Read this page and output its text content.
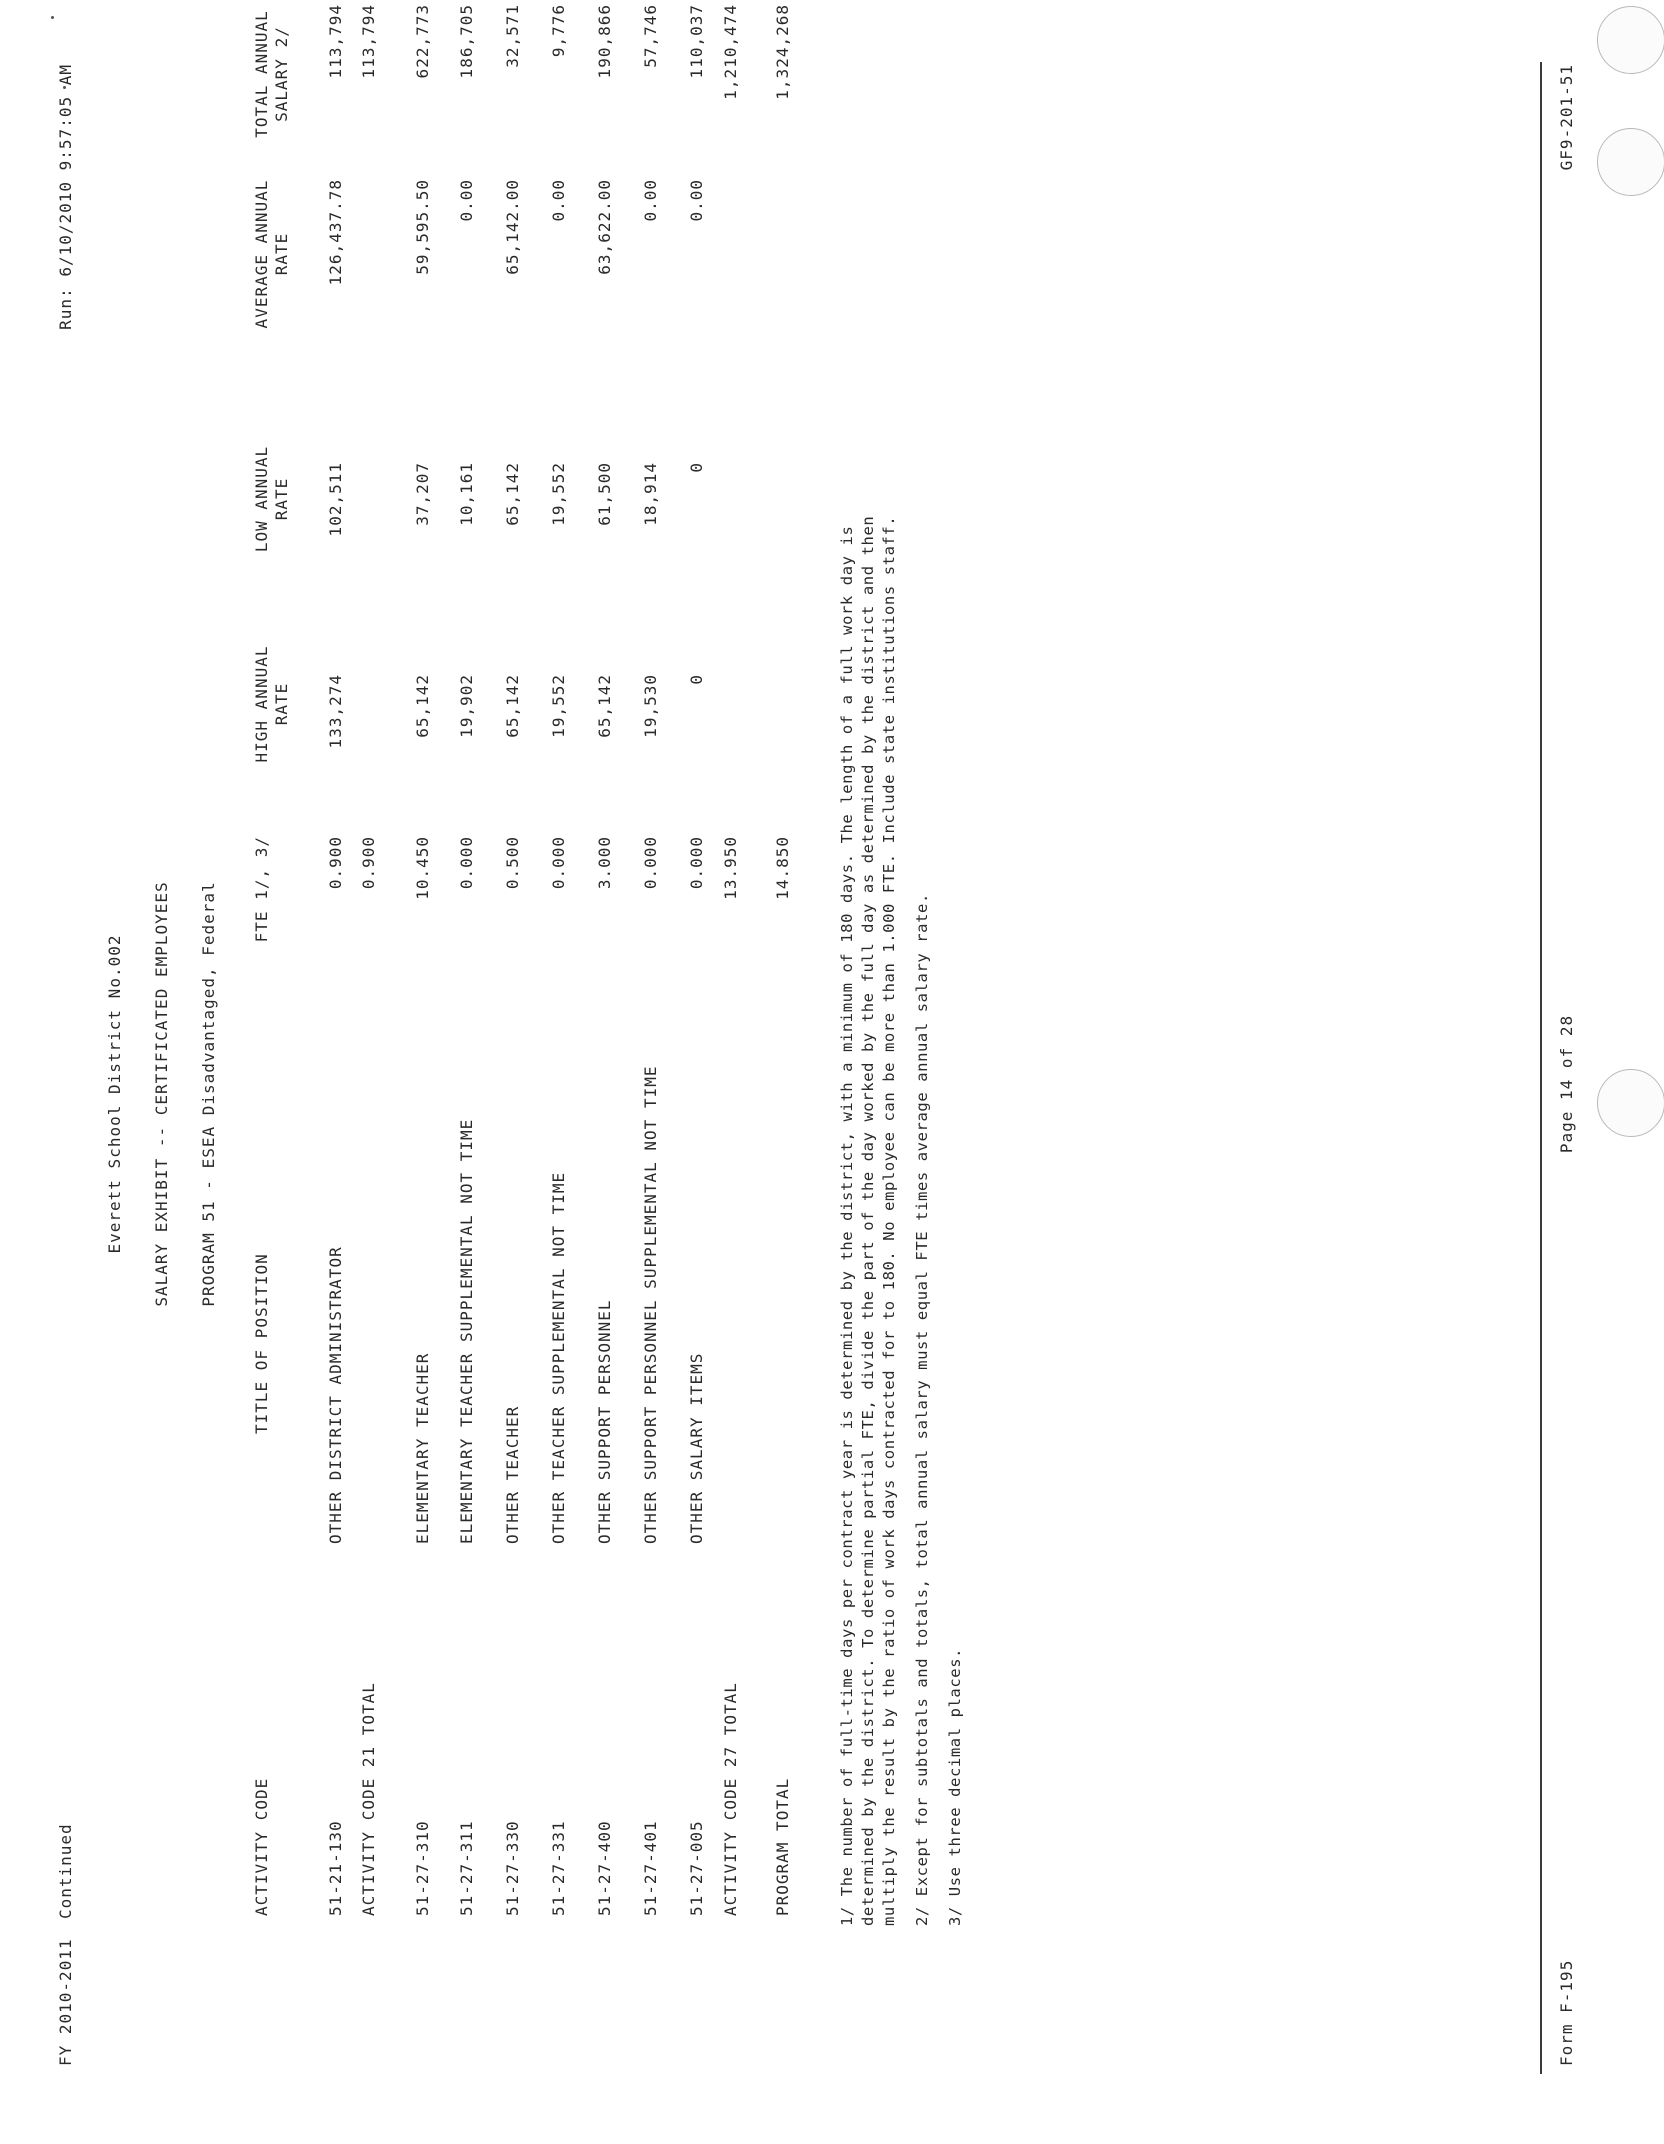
FY 2010-2011
Continued
Run: 6/10/2010 9:57:05 AM
Everett School District No.002 SALARY EXHIBIT -- CERTIFICATED EMPLOYEES PROGRAM 51 - ESEA Disadvantaged, Federal
ACTIVITY CODE
TITLE OF POSITION
FTE 1/, 3/
HIGH ANNUAL RATE
LOW ANNUAL RATE
AVERAGE ANNUAL RATE
TOTAL ANNUAL SALARY 2/
51-21-130
OTHER DISTRICT ADMINISTRATOR
0.900
133,274
102,511
126,437.78
113,794
ACTIVITY CODE 21 TOTAL
0.900
113,794
51-27-310
ELEMENTARY TEACHER
10.450
65,142
37,207
59,595.50
622,773
51-27-311
ELEMENTARY TEACHER SUPPLEMENTAL NOT TIME
0.000
19,902
10,161
0.00
186,705
51-27-330
OTHER TEACHER
0.500
65,142
65,142
65,142.00
32,571
51-27-331
OTHER TEACHER SUPPLEMENTAL NOT TIME
0.000
19,552
19,552
0.00
9,776
51-27-400
OTHER SUPPORT PERSONNEL
3.000
65,142
61,500
63,622.00
190,866
51-27-401
OTHER SUPPORT PERSONNEL SUPPLEMENTAL NOT TIME
0.000
19,530
18,914
0.00
57,746
51-27-005
OTHER SALARY ITEMS
0.000
0
0
0.00
110,037
ACTIVITY CODE 27 TOTAL
13.950
1,210,474
PROGRAM TOTAL
14.850
1,324,268
1/ The number of full-time days per contract year is determined by the district, with a minimum of 180 days. The length of a full work day is determined by the district. To determine partial FTE, divide the part of the day worked by the full day as determined by the district and then multiply the result by the ratio of work days contracted for to 180. No employee can be more than 1.000 FTE. Include state institutions staff. 2/ Except for subtotals and totals, total annual salary must equal FTE times average annual salary rate. 3/ Use three decimal places.
Form F-195
Page 14 of 28
GF9-201-51
